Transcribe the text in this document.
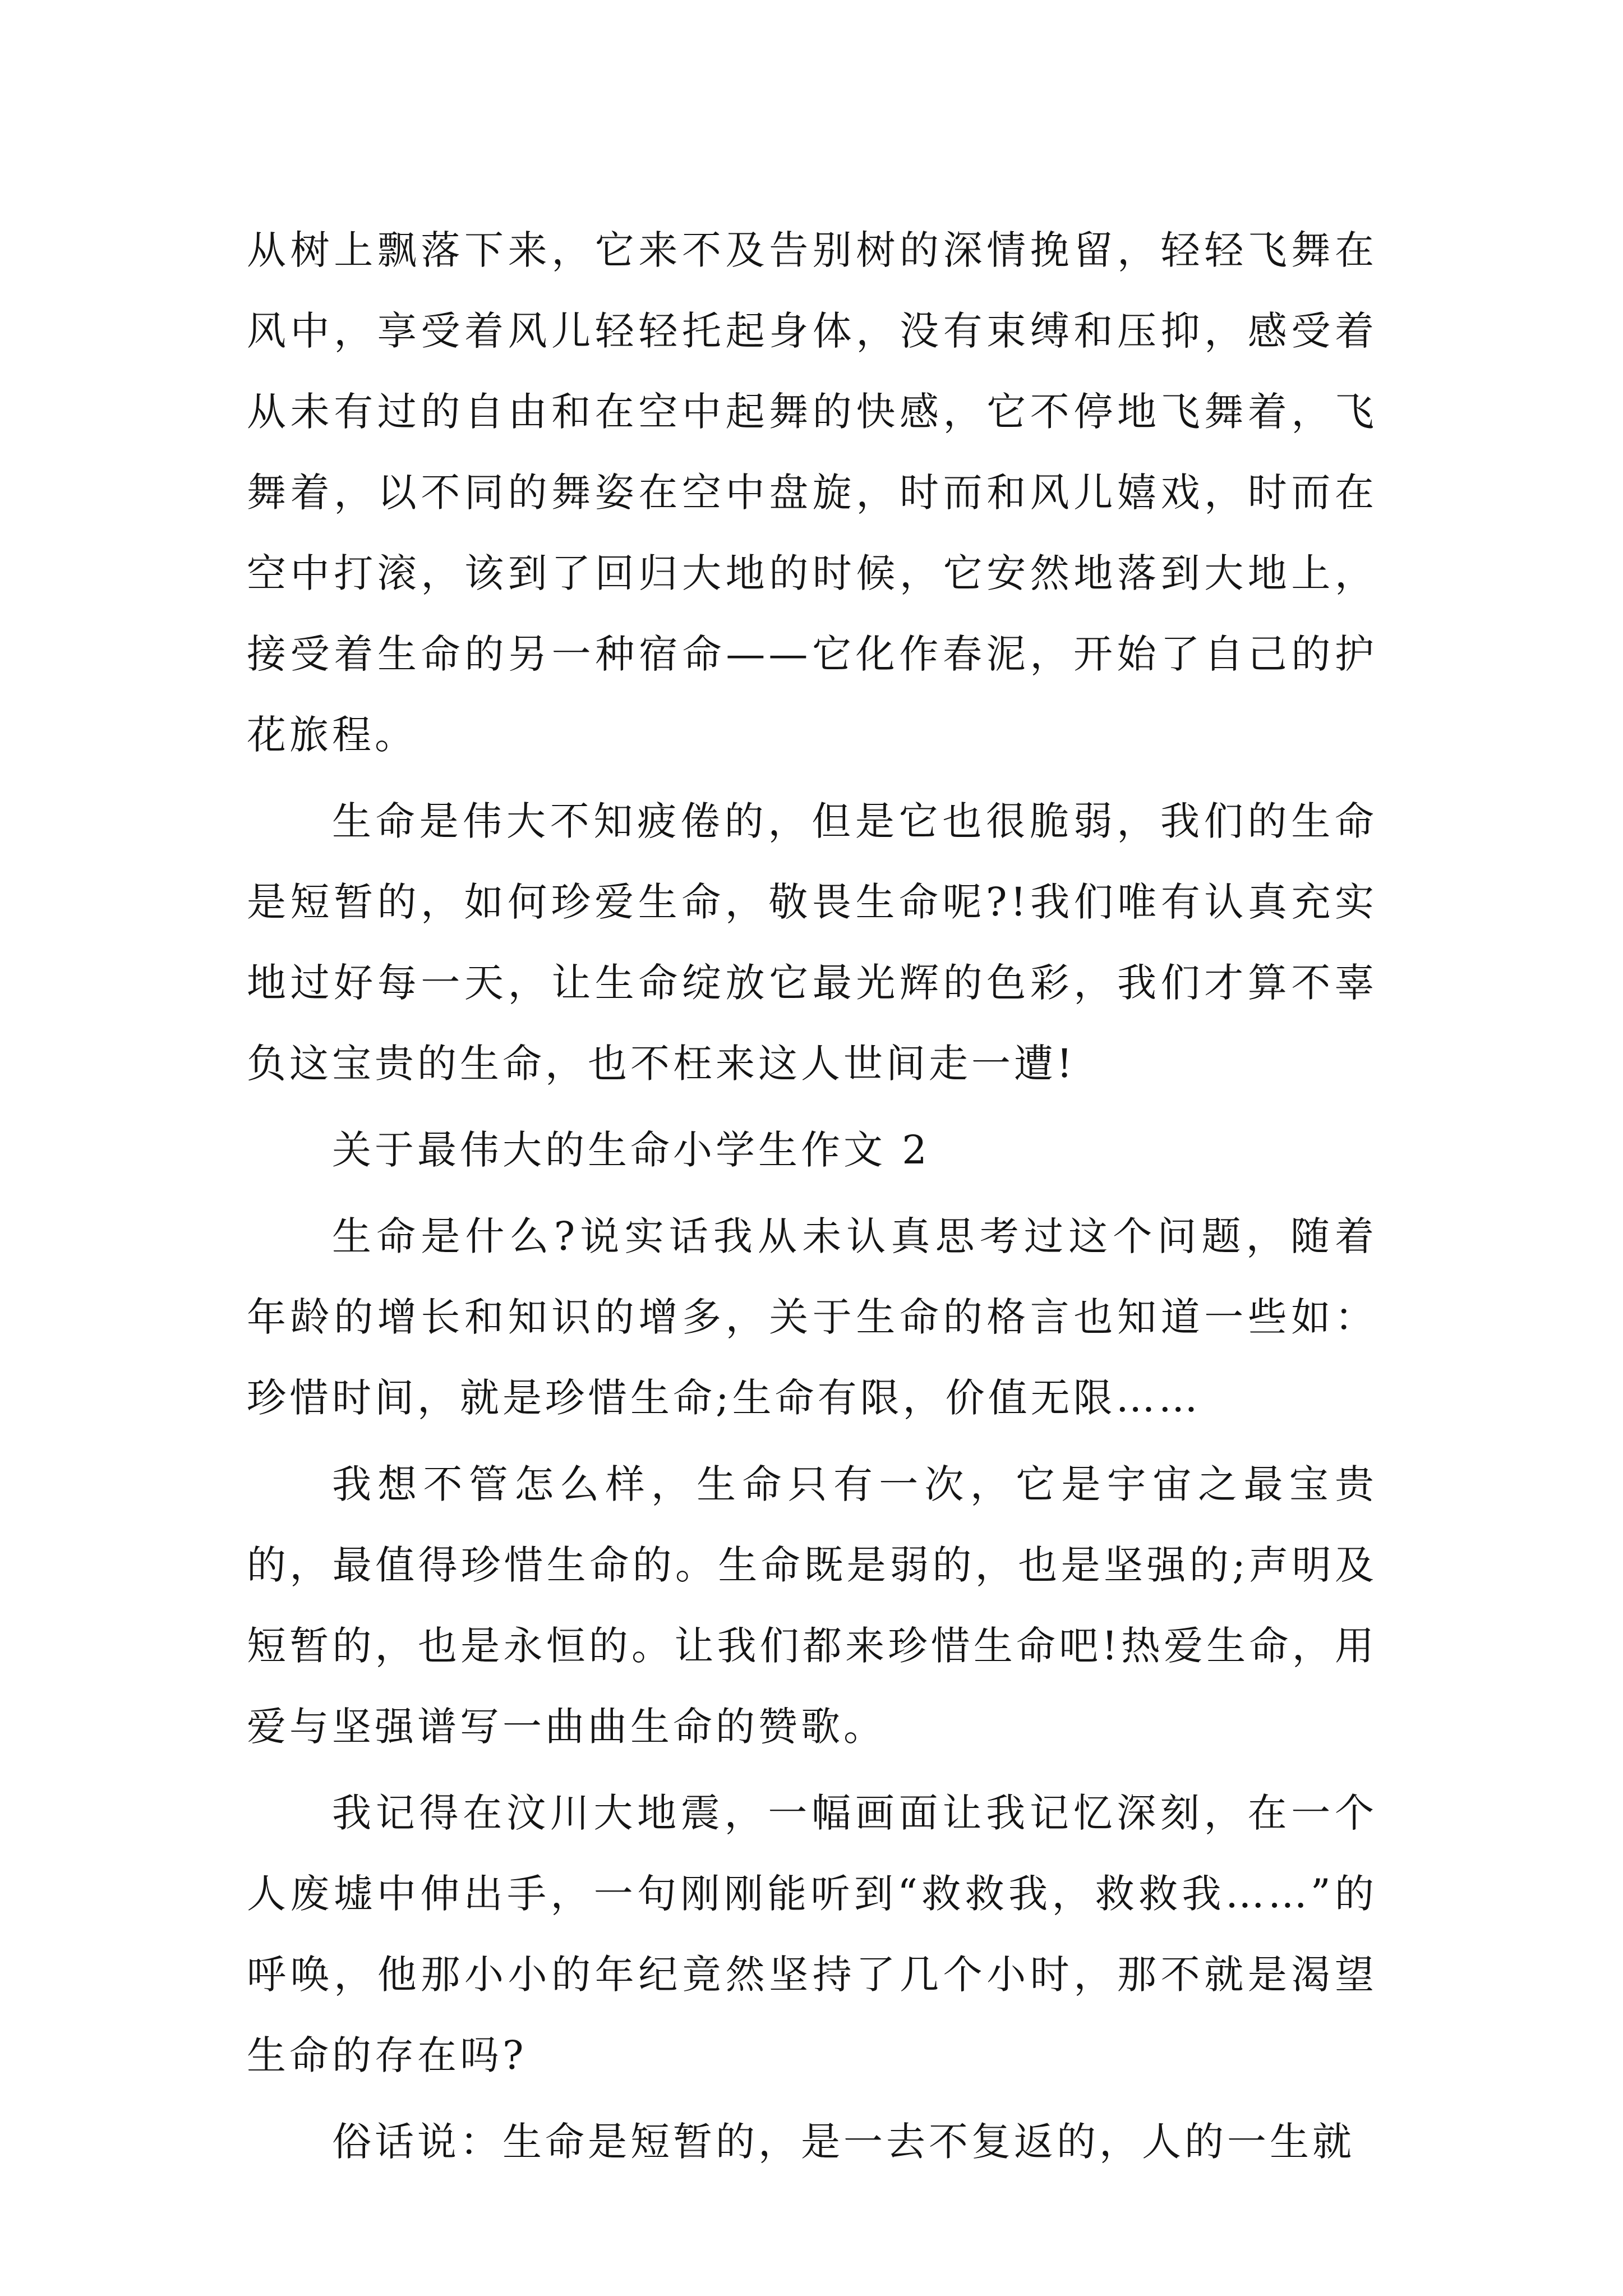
从树上飘落下来，它来不及告别树的深情挽留，轻轻飞舞在风中，享受着风儿轻轻托起身体，没有束缚和压抑，感受着从未有过的自由和在空中起舞的快感，它不停地飞舞着，飞舞着，以不同的舞姿在空中盘旋，时而和风儿嬉戏，时而在空中打滚，该到了回归大地的时候，它安然地落到大地上，接受着生命的另一种宿命——它化作春泥，开始了自己的护花旅程。

生命是伟大不知疲倦的，但是它也很脆弱，我们的生命是短暂的，如何珍爱生命，敬畏生命呢?!我们唯有认真充实地过好每一天，让生命绽放它最光辉的色彩，我们才算不辜负这宝贵的生命，也不枉来这人世间走一遭!

关于最伟大的生命小学生作文 2

生命是什么?说实话我从未认真思考过这个问题，随着年龄的增长和知识的增多，关于生命的格言也知道一些如：珍惜时间，就是珍惜生命;生命有限，价值无限……

我想不管怎么样，生命只有一次，它是宇宙之最宝贵的，最值得珍惜生命的。生命既是弱的，也是坚强的;声明及短暂的，也是永恒的。让我们都来珍惜生命吧!热爱生命，用爱与坚强谱写一曲曲生命的赞歌。

我记得在汶川大地震，一幅画面让我记忆深刻，在一个人废墟中伸出手，一句刚刚能听到“救救我，救救我……”的呼唤，他那小小的年纪竟然坚持了几个小时，那不就是渴望生命的存在吗?

俗话说：生命是短暂的，是一去不复返的，人的一生就
